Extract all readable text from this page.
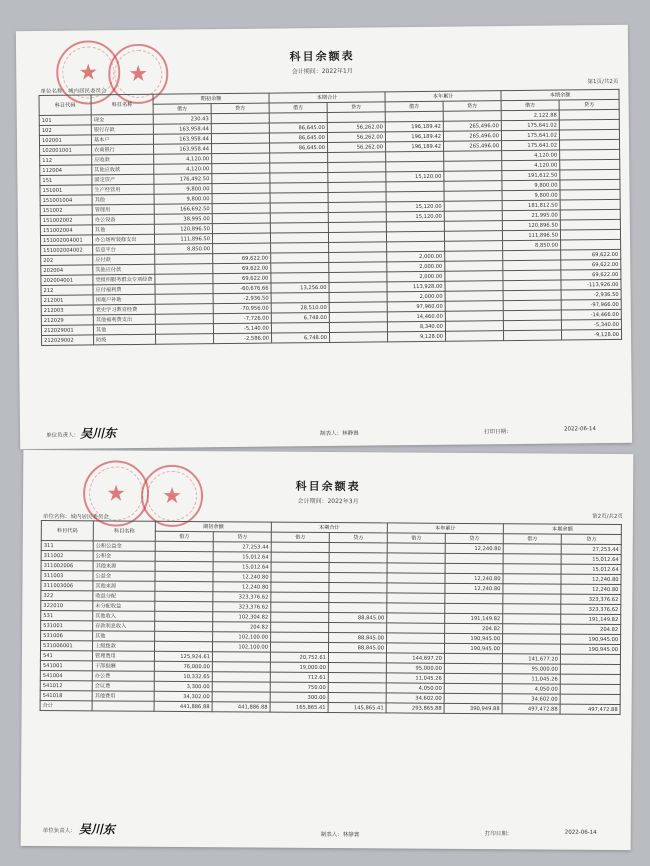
★	★
科目余额表
会计期间：2022年1月
第1页/共2页
单位名称：城内居民委员会
科目代码	科目名称	期初余额		本期合计		本年累计		本期余额	
		借方	贷方	借方	贷方	借方	贷方	借方	贷方
101	现金	230.43						2,122.88	
102	银行存款	163,958.44		86,645.00	56,262.00	196,189.42	265,496.00	175,641.02	
102001	基本户	163,958.44		86,645.00	56,262.00	196,189.42	265,496.00	175,641.02	
102001001	农商银行	163,958.44		86,645.00	56,262.00	196,189.42	265,496.00	175,641.02	
112	应收款	4,120.00						4,120.00	
112004	其他应收款	4,120.00						4,120.00	
151	固定资产	176,492.50				15,120.00		191,612.50	
151001	生产经营用	9,800.00						9,800.00	
151001004	其他	9,800.00						9,800.00	
151002	管理用	166,692.50				15,120.00		181,812.50	
151002002	办公设备	38,995.00				15,120.00		21,995.00	
151002004	其他	120,896.50						120,896.50	
151002004001	办公场所装修支出	111,896.50						111,896.50	
151002004002	信息平台	8,850.00						8,850.00	
202	应付款		69,622.00			2,000.00			69,622.00
202004	其他应付款		69,622.00			2,000.00			69,622.00
202004001	党组织服务群众专项经费		69,622.00			2,000.00			69,622.00
212	应付福利费		-60,676.66	13,256.00		113,928.00			-113,926.00
212001	困难户补助		-2,936.50			2,000.00			-2,936.50
212003	党史学习教育经费		-70,956.00	28,510.00		97,960.00			-97,966.00
212029	其他福利费支出		-7,726.00	6,748.00		14,460.00			-14,466.00
212029001	其他		-5,140.00			8,340.00			-5,340.00
212029002	防疫		-2,586.00	6,748.00		9,128.00			-9,128.00
单位负责人： 吴川东	制表人：林静寰	打印日期：	2022-06-14
★	★	科目余额表
会计期间：2022年3月
第2页/共2页
单位名称：城内居民委员会
科目代码	科目名称	期初余额		本期合计		本年累计		本期余额	
		借方	贷方	借方	贷方	借方	贷方	借方	贷方
311	公积公益金		27,253.44				12,240.80		27,253.44
311002	公积金		15,012.64						15,012.64
311002006	其他来源		15,012.64						15,012.64
311003	公益金		12,240.80				12,240.80		12,240.80
311003006	其他来源		12,240.80				12,240.80		12,240.80
322	收益分配		323,376.62						323,376.62
322010	未分配收益		323,376.62						323,376.62
531	其他收入		102,304.82		88,845.00		191,149.82		191,149.82
531001	存款利息收入		204.82				204.82		204.82
531006	其他		102,100.00		88,845.00		190,945.00		190,945.00
531006001	上级拨款		102,100.00		88,845.00		190,945.00		190,945.00
541	管理费用	125,924.61		20,752.61		144,697.20		141,677.20	
541001	干部报酬	76,000.00		19,000.00		95,000.00		95,000.00	
541004	办公费	10,332.65		712.61		11,045.26		11,045.26	
541012	会议费	3,300.00		750.00		4,050.00		4,050.00	
541018	其他费用	34,302.00		300.00		34,602.00		34,602.00	
合计		441,886.88	441,886.88	165,865.41	145,865.41	293,865.88	390,949.88	497,472.88	497,472.88
单位负责人： 吴川东	制表人：林静寰	打印日期：	2022-06-14
